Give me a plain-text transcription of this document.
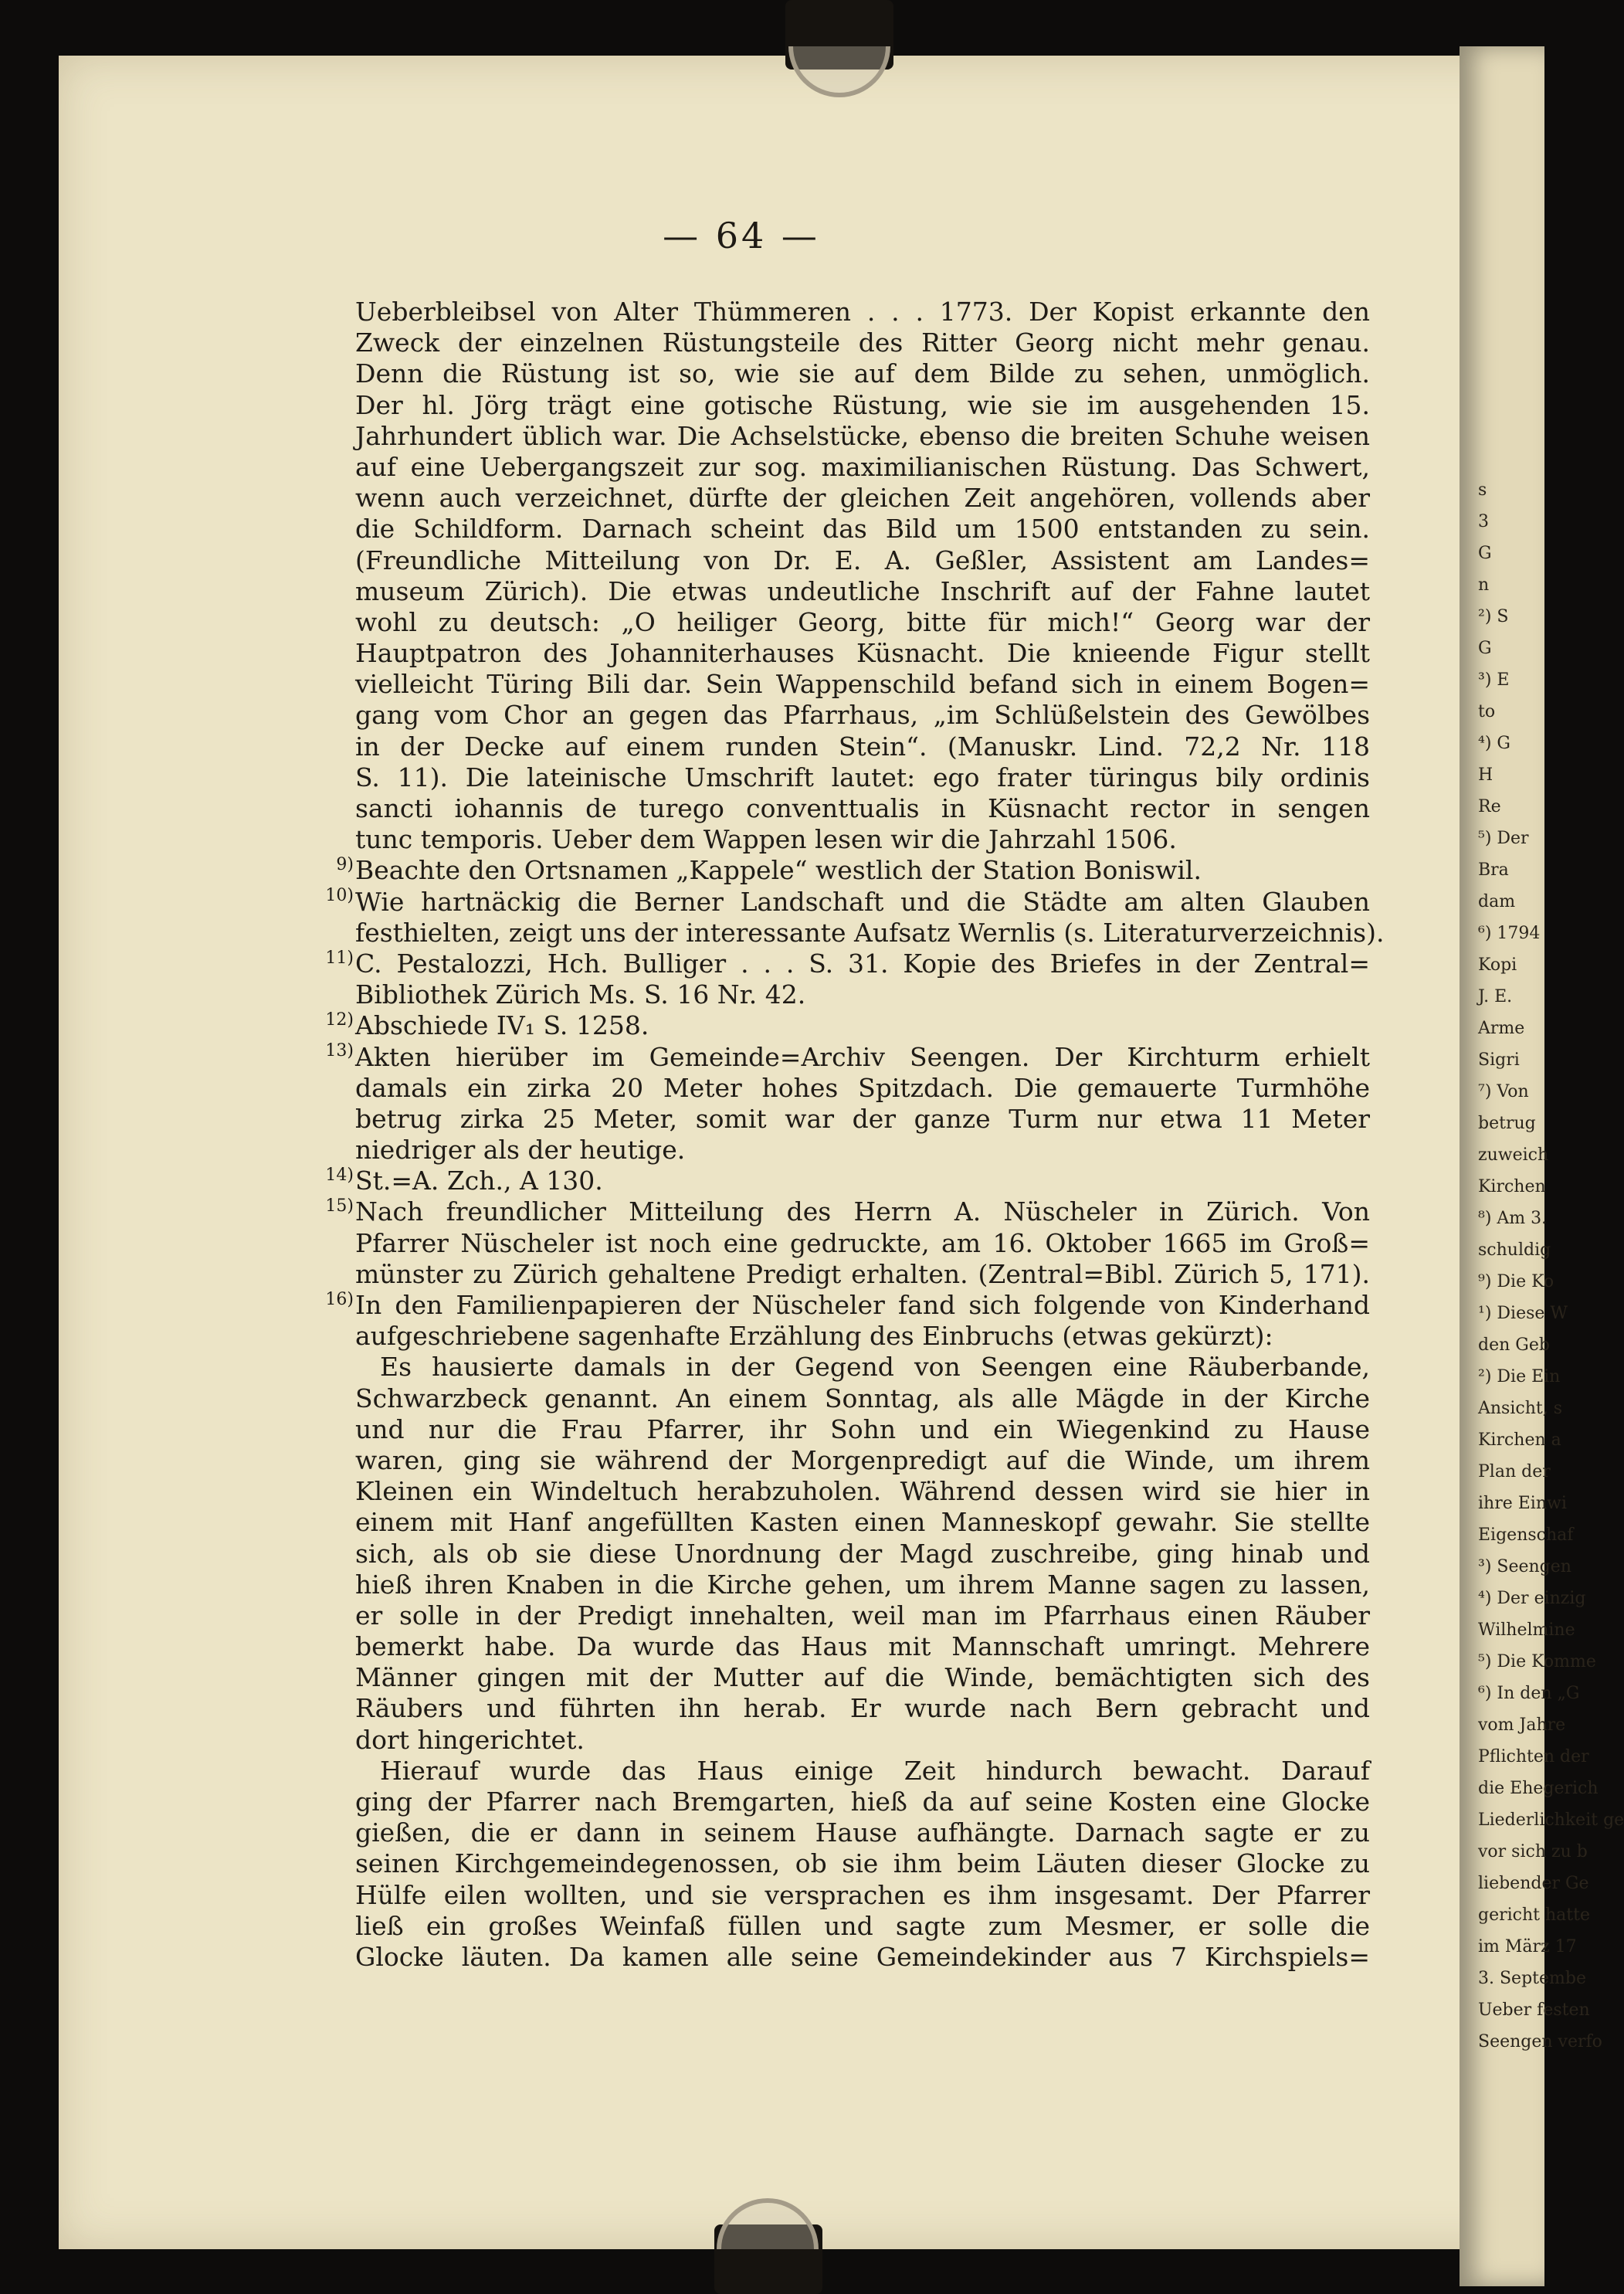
s
3
G
n
²) S
G
³) E
to
⁴) G
H
Re
⁵) Der
Bra
dam
⁶) 1794
Kopi
J. E.
Arme
Sigri
⁷) Von
betrug
zuweich
Kirchen
⁸) Am 3.
schuldig
⁹) Die Ko
¹) Diese W
den Geb
²) Die Ein
Ansicht, s
Kirchen a
Plan der
ihre Einwi
Eigenschaf
³) Seengen
⁴) Der einzig
Wilhelmine
⁵) Die Komme
⁶) In den „G
vom Jahre
Pflichten der
die Ehegerich
Liederlichkeit ge
vor sich zu b
liebender Ge
gericht hatte
im März 17
3. Septembe
Ueber festen
Seengen verfo
— 64 —
Ueberbleibsel von Alter Thümmeren . . . 1773. Der Kopist erkannte den
Zweck der einzelnen Rüstungsteile des Ritter Georg nicht mehr genau.
Denn die Rüstung ist so, wie sie auf dem Bilde zu sehen, unmöglich.
Der hl. Jörg trägt eine gotische Rüstung, wie sie im ausgehenden 15.
Jahrhundert üblich war. Die Achselstücke, ebenso die breiten Schuhe weisen
auf eine Uebergangszeit zur sog. maximilianischen Rüstung. Das Schwert,
wenn auch verzeichnet, dürfte der gleichen Zeit angehören, vollends aber
die Schildform. Darnach scheint das Bild um 1500 entstanden zu sein.
(Freundliche Mitteilung von Dr. E. A. Geßler, Assistent am Landes=
museum Zürich). Die etwas undeutliche Inschrift auf der Fahne lautet
wohl zu deutsch: „O heiliger Georg, bitte für mich!“ Georg war der
Hauptpatron des Johanniterhauses Küsnacht. Die knieende Figur stellt
vielleicht Türing Bili dar. Sein Wappenschild befand sich in einem Bogen=
gang vom Chor an gegen das Pfarrhaus, „im Schlüßelstein des Gewölbes
in der Decke auf einem runden Stein“. (Manuskr. Lind. 72,2 Nr. 118
S. 11). Die lateinische Umschrift lautet: ego frater türingus bily ordinis
sancti iohannis de turego conventtualis in Küsnacht rector in sengen
tunc temporis. Ueber dem Wappen lesen wir die Jahrzahl 1506.
Beachte den Ortsnamen „Kappele“ westlich der Station Boniswil.
Wie hartnäckig die Berner Landschaft und die Städte am alten Glauben
festhielten, zeigt uns der interessante Aufsatz Wernlis (s. Literaturverzeichnis).
C. Pestalozzi, Hch. Bulliger . . . S. 31. Kopie des Briefes in der Zentral=
Bibliothek Zürich Ms. S. 16 Nr. 42.
Abschiede IV₁ S. 1258.
Akten hierüber im Gemeinde=Archiv Seengen. Der Kirchturm erhielt
damals ein zirka 20 Meter hohes Spitzdach. Die gemauerte Turmhöhe
betrug zirka 25 Meter, somit war der ganze Turm nur etwa 11 Meter
niedriger als der heutige.
St.=A. Zch., A 130.
Nach freundlicher Mitteilung des Herrn A. Nüscheler in Zürich. Von
Pfarrer Nüscheler ist noch eine gedruckte, am 16. Oktober 1665 im Groß=
münster zu Zürich gehaltene Predigt erhalten. (Zentral=Bibl. Zürich 5, 171).
In den Familienpapieren der Nüscheler fand sich folgende von Kinderhand
aufgeschriebene sagenhafte Erzählung des Einbruchs (etwas gekürzt):
Es hausierte damals in der Gegend von Seengen eine Räuberbande,
Schwarzbeck genannt. An einem Sonntag, als alle Mägde in der Kirche
und nur die Frau Pfarrer, ihr Sohn und ein Wiegenkind zu Hause
waren, ging sie während der Morgenpredigt auf die Winde, um ihrem
Kleinen ein Windeltuch herabzuholen. Während dessen wird sie hier in
einem mit Hanf angefüllten Kasten einen Manneskopf gewahr. Sie stellte
sich, als ob sie diese Unordnung der Magd zuschreibe, ging hinab und
hieß ihren Knaben in die Kirche gehen, um ihrem Manne sagen zu lassen,
er solle in der Predigt innehalten, weil man im Pfarrhaus einen Räuber
bemerkt habe. Da wurde das Haus mit Mannschaft umringt. Mehrere
Männer gingen mit der Mutter auf die Winde, bemächtigten sich des
Räubers und führten ihn herab. Er wurde nach Bern gebracht und
dort hingerichtet.
Hierauf wurde das Haus einige Zeit hindurch bewacht. Darauf
ging der Pfarrer nach Bremgarten, hieß da auf seine Kosten eine Glocke
gießen, die er dann in seinem Hause aufhängte. Darnach sagte er zu
seinen Kirchgemeindegenossen, ob sie ihm beim Läuten dieser Glocke zu
Hülfe eilen wollten, und sie versprachen es ihm insgesamt. Der Pfarrer
ließ ein großes Weinfaß füllen und sagte zum Mesmer, er solle die
Glocke läuten. Da kamen alle seine Gemeindekinder aus 7 Kirchspiels=
9)
10)
11)
12)
13)
14)
15)
16)
